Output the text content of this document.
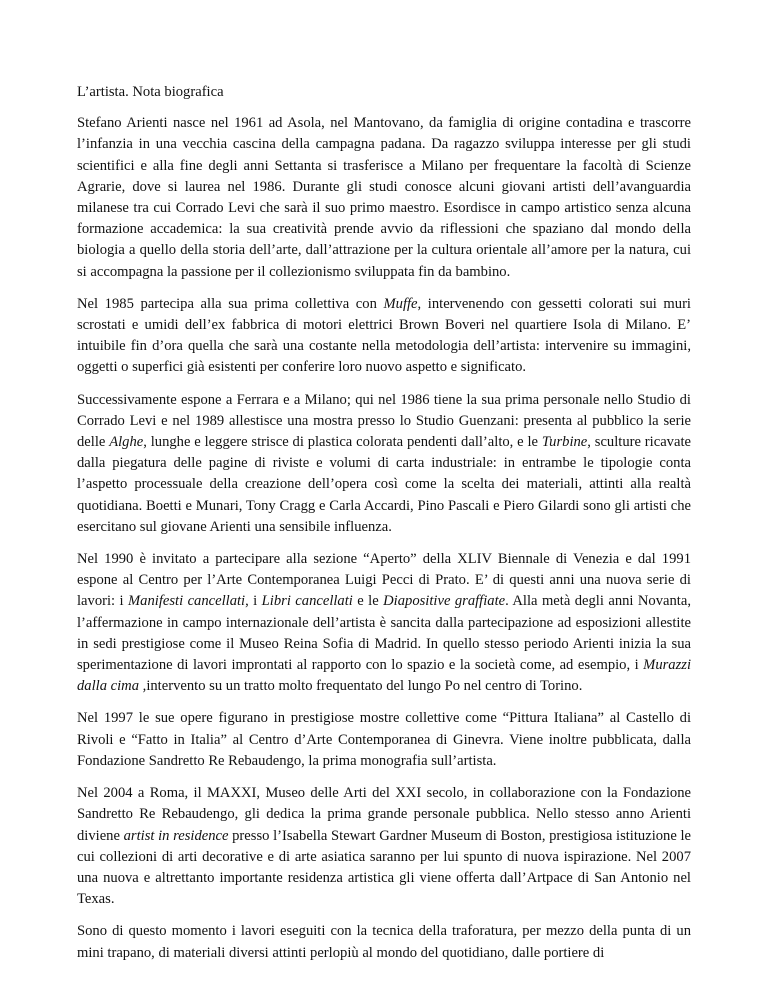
L’artista. Nota biografica

Stefano Arienti nasce nel 1961 ad Asola, nel Mantovano, da famiglia di origine contadina e trascorre l’infanzia in una vecchia cascina della campagna padana. Da ragazzo sviluppa interesse per gli studi scientifici e alla fine degli anni Settanta si trasferisce a Milano per frequentare la facoltà di Scienze Agrarie, dove si laurea nel 1986. Durante gli studi conosce alcuni giovani artisti dell’avanguardia milanese tra cui Corrado Levi che sarà il suo primo maestro. Esordisce in campo artistico senza alcuna formazione accademica: la sua creatività prende avvio da riflessioni che spaziano dal mondo della biologia a quello della storia dell’arte, dall’attrazione per la cultura orientale all’amore per la natura, cui si accompagna la passione per il collezionismo sviluppata fin da bambino.

Nel 1985 partecipa alla sua prima collettiva con Muffe, intervenendo con gessetti colorati sui muri scrostati e umidi dell’ex fabbrica di motori elettrici Brown Boveri nel quartiere Isola di Milano. E’ intuibile fin d’ora quella che sarà una costante nella metodologia dell’artista: intervenire su immagini, oggetti o superfici già esistenti per conferire loro nuovo aspetto e significato.

Successivamente espone a Ferrara e a Milano; qui nel 1986 tiene la sua prima personale nello Studio di Corrado Levi e nel 1989 allestisce una mostra presso lo Studio Guenzani: presenta al pubblico la serie delle Alghe, lunghe e leggere strisce di plastica colorata pendenti dall’alto, e le Turbine, sculture ricavate dalla piegatura delle pagine di riviste e volumi di carta industriale: in entrambe le tipologie conta l’aspetto processuale della creazione dell’opera così come la scelta dei materiali, attinti alla realtà quotidiana. Boetti e Munari, Tony Cragg e Carla Accardi, Pino Pascali e Piero Gilardi sono gli artisti che esercitano sul giovane Arienti una sensibile influenza.

Nel 1990 è invitato a partecipare alla sezione “Aperto” della XLIV Biennale di Venezia e dal 1991 espone al Centro per l’Arte Contemporanea Luigi Pecci di Prato. E’ di questi anni una nuova serie di lavori: i Manifesti cancellati, i Libri cancellati e le Diapositive graffiate. Alla metà degli anni Novanta, l’affermazione in campo internazionale dell’artista è sancita dalla partecipazione ad esposizioni allestite in sedi prestigiose come il Museo Reina Sofia di Madrid. In quello stesso periodo Arienti inizia la sua sperimentazione di lavori improntati al rapporto con lo spazio e la società come, ad esempio, i Murazzi dalla cima ,intervento su un tratto molto frequentato del lungo Po nel centro di Torino.

Nel 1997 le sue opere figurano in prestigiose mostre collettive come “Pittura Italiana” al Castello di Rivoli e “Fatto in Italia” al Centro d’Arte Contemporanea di Ginevra. Viene inoltre pubblicata, dalla Fondazione Sandretto Re Rebaudengo, la prima monografia sull’artista.

Nel 2004 a Roma, il MAXXI, Museo delle Arti del XXI secolo, in collaborazione con la Fondazione Sandretto Re Rebaudengo, gli dedica la prima grande personale pubblica. Nello stesso anno Arienti diviene artist in residence presso l’Isabella Stewart Gardner Museum di Boston, prestigiosa istituzione le cui collezioni di arti decorative e di arte asiatica saranno per lui spunto di nuova ispirazione. Nel 2007 una nuova e altrettanto importante residenza artistica gli viene offerta dall’Artpace di San Antonio nel Texas.

Sono di questo momento i lavori eseguiti con la tecnica della traforatura, per mezzo della punta di un mini trapano, di materiali diversi attinti perlopiù al mondo del quotidiano, dalle portiere di
